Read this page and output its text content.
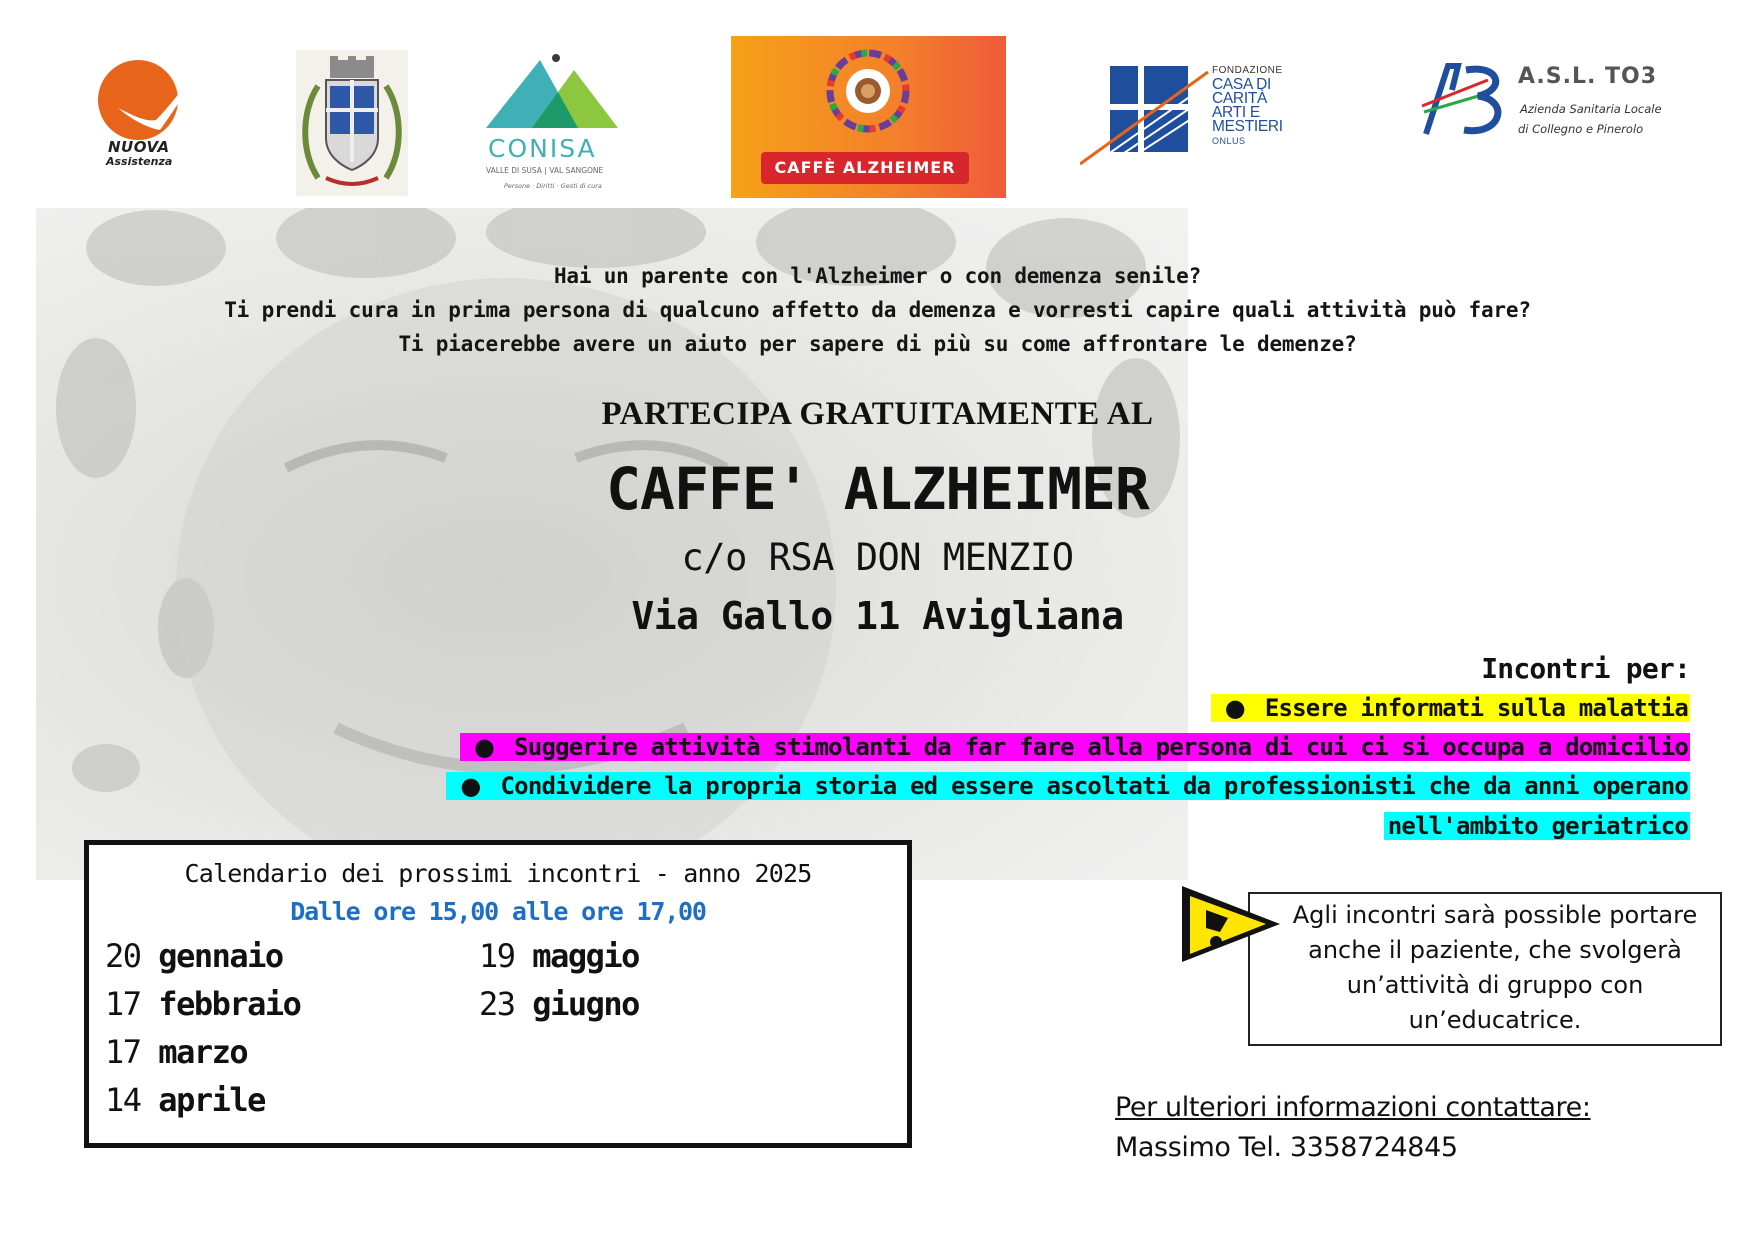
NUOVA
Assistenza	CONISA
VALLE DI SUSA | VAL SANGONE
Persone · Diritti · Gesti di cura
CAFFÈ ALZHEIMER
FONDAZIONE
CASA DI
CARITÀ
ARTI E
MESTIERI
ONLUS
A.S.L. TO3
Azienda Sanitaria Locale
di Collegno e Pinerolo
Hai un parente con l'Alzheimer o con demenza senile?
Ti prendi cura in prima persona di qualcuno affetto da demenza e vorresti capire quali attività può fare?
Ti piacerebbe avere un aiuto per sapere di più su come affrontare le demenze?
PARTECIPA GRATUITAMENTE AL
CAFFE' ALZHEIMER
c/o RSA DON MENZIO
Via Gallo 11 Avigliana
Incontri per:
● Essere informati sulla malattia
● Suggerire attività stimolanti da far fare alla persona di cui ci si occupa a domicilio
● Condividere la propria storia ed essere ascoltati da professionisti che da anni operano
nell'ambito geriatrico
Calendario dei prossimi incontri - anno 2025
Dalle ore 15,00 alle ore 17,00
20 gennaio
17 febbraio
17 marzo
14 aprile
19 maggio
23 giugno
Agli incontri sarà possible portare anche il paziente, che svolgerà un’attività di gruppo con un’educatrice.
Per ulteriori informazioni contattare:
Massimo Tel. 3358724845
